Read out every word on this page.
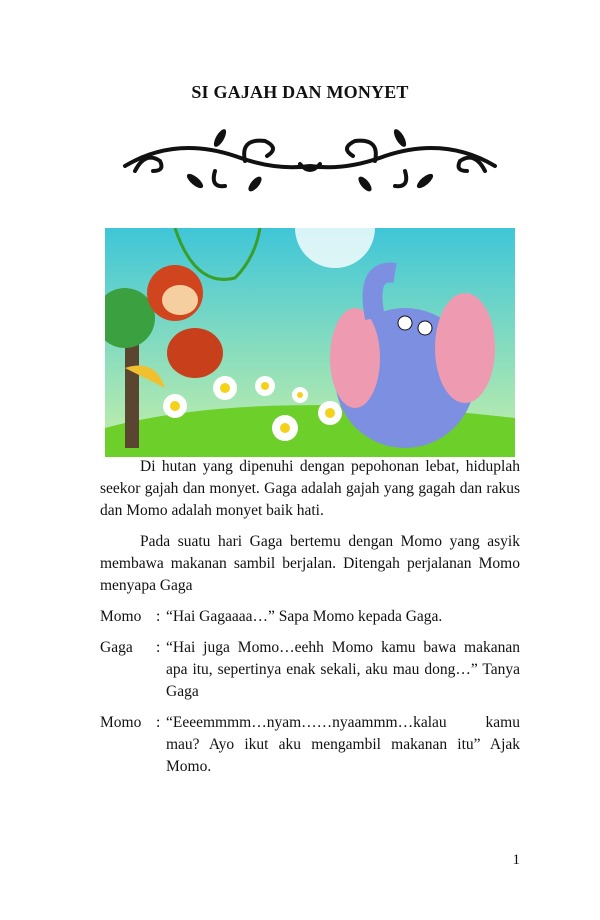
SI GAJAH DAN MONYET

Di hutan yang dipenuhi dengan pepohonan lebat, hiduplah seekor gajah dan monyet. Gaga adalah gajah yang gagah dan rakus dan Momo adalah monyet baik hati.

Pada suatu hari Gaga bertemu dengan Momo yang asyik membawa makanan sambil berjalan. Ditengah perjalanan Momo menyapa Gaga

Momo : “Hai Gagaaaa…” Sapa Momo kepada Gaga.
Gaga	: “Hai juga Momo…eehh Momo kamu bawa makanan apa itu, sepertinya enak sekali, aku mau dong…” Tanya Gaga
Momo : “Eeeemmmm…nyam……nyaammm…kalau kamu mau? Ayo ikut aku mengambil makanan itu” Ajak Momo.
1
